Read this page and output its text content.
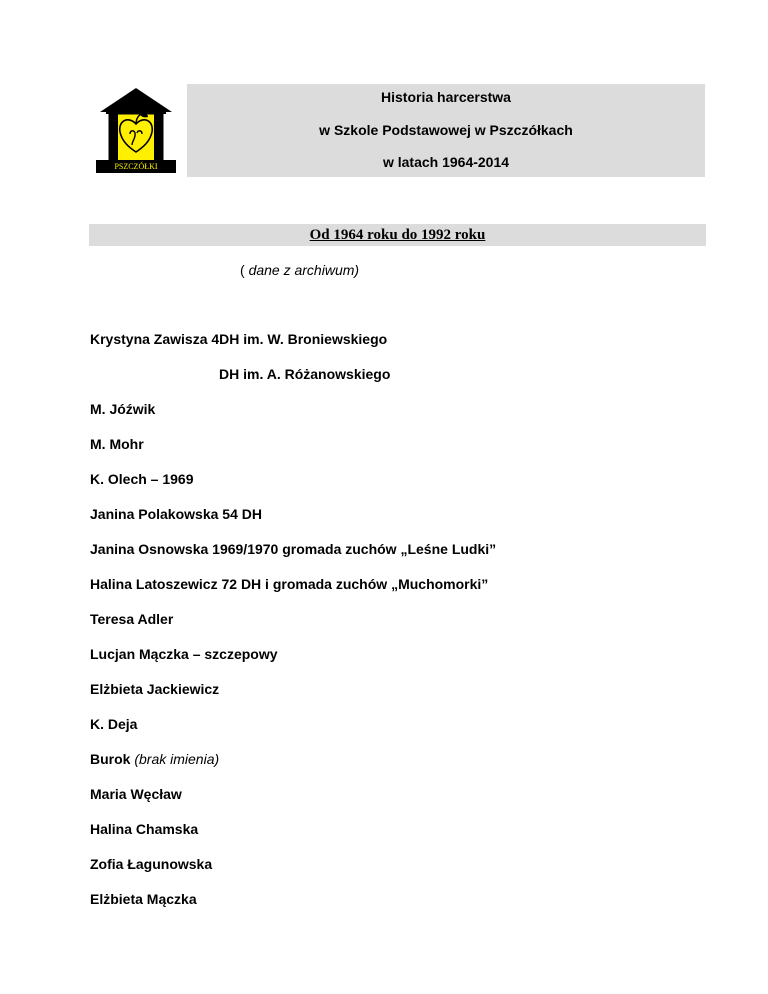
PSZCZÓŁKI
Historia harcerstwa
w Szkole Podstawowej w Pszczółkach
w latach 1964-2014
Od 1964 roku do 1992 roku
( dane z archiwum)
Krystyna Zawisza 4DH im. W. Broniewskiego
DH im. A. Różanowskiego
M. Jóźwik
M. Mohr
K. Olech – 1969
Janina Polakowska 54 DH
Janina Osnowska 1969/1970 gromada zuchów „Leśne Ludki”
Halina Latoszewicz 72 DH i gromada zuchów „Muchomorki”
Teresa Adler
Lucjan Mączka – szczepowy
Elżbieta Jackiewicz
K. Deja
Burok (brak imienia)
Maria Węcław
Halina Chamska
Zofia Łagunowska
Elżbieta Mączka
